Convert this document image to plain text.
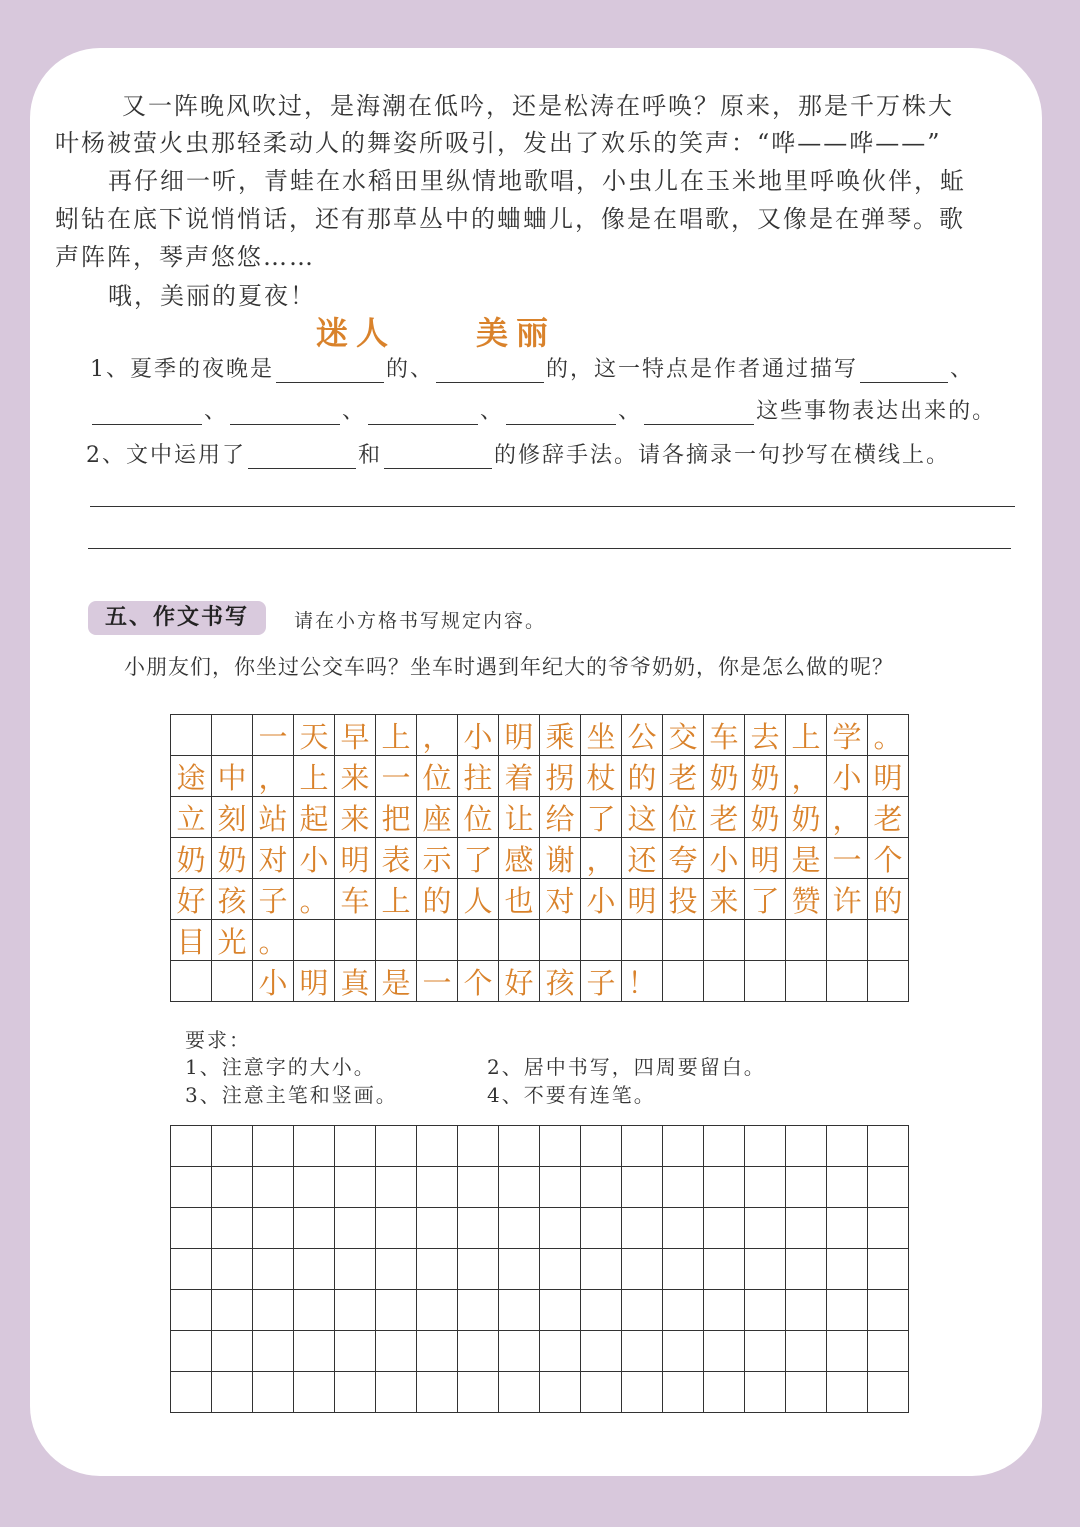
又一阵晚风吹过，是海潮在低吟，还是松涛在呼唤？原来，那是千万株大

叶杨被萤火虫那轻柔动人的舞姿所吸引，发出了欢乐的笑声：“哗——哗——”

再仔细一听，青蛙在水稻田里纵情地歌唱，小虫儿在玉米地里呼唤伙伴，蚯

蚓钻在底下说悄悄话，还有那草丛中的蛐蛐儿，像是在唱歌，又像是在弹琴。歌

声阵阵，琴声悠悠……

哦，美丽的夏夜！

迷人 美丽
1、 夏季的夜晚是	的、	的，这一特点是作者通过描写	、
、	、	、	、	这些事物表达出来的。
2、 文中运用了	和	的修辞手法。请各摘录一句抄写在横线上。
五、作文书写	请在小方格书写规定内容。
小朋友们，你坐过公交车吗？坐车时遇到年纪大的爷爷奶奶，你是怎么做的呢？
一 天 早 上 ， 小 明 乘 坐 公 交 车 去 上 学 。
途 中 ， 上 来 一 位 拄 着 拐 杖 的 老 奶 奶 ， 小 明
立 刻 站 起 来 把 座 位 让 给 了 这 位 老 奶 奶 ， 老
奶 奶 对 小 明 表 示 了 感 谢 ， 还 夸 小 明 是 一 个
好 孩 子 。 车 上 的 人 也 对 小 明 投 来 了 赞 许 的
目 光 。
小 明 真 是 一 个 好 孩 子 ！
要求：
1、注意字的大小。	2、居中书写，四周要留白。
3、注意主笔和竖画。	4、不要有连笔。
